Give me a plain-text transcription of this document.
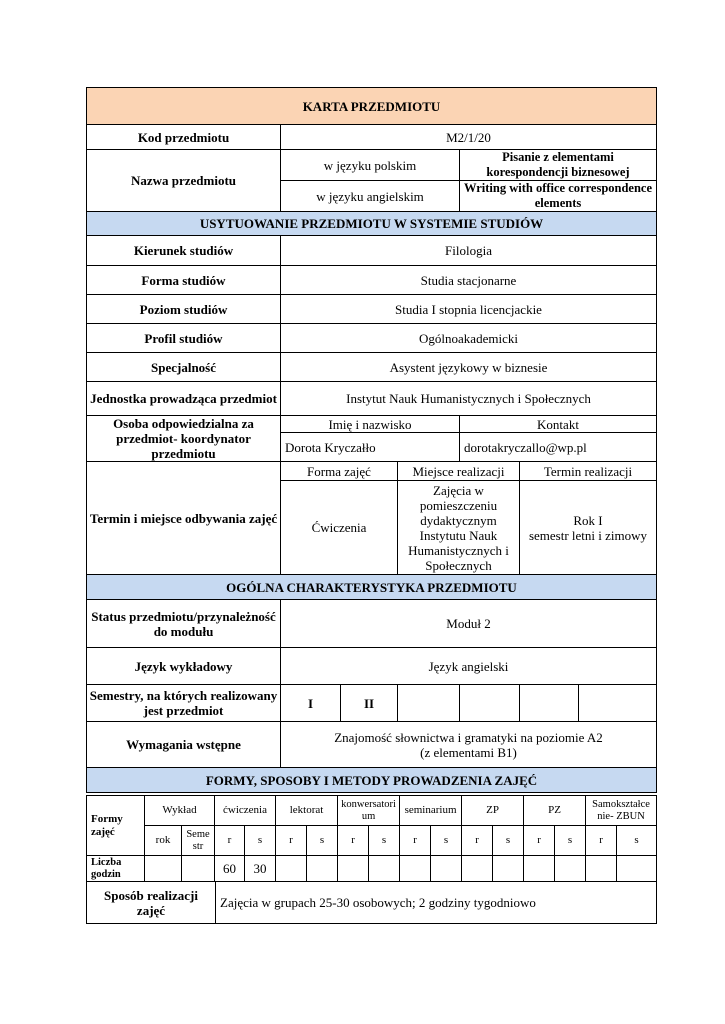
KARTA PRZEDMIOTU						
Kod przedmiotu	M2/1/20					
Nazwa przedmiotu	w języku polskim			Pisanie z elementami korespondencji biznesowej		
	w języku angielskim			Writing with office correspondence elements		
USYTUOWANIE PRZEDMIOTU W SYSTEMIE STUDIÓW						
Kierunek studiów	Filologia					
Forma studiów	Studia stacjonarne					
Poziom studiów	Studia I stopnia licencjackie					
Profil studiów	Ogólnoakademicki					
Specjalność	Asystent językowy w biznesie					
Jednostka prowadząca przedmiot	Instytut Nauk Humanistycznych i Społecznych					
Osoba odpowiedzialna za przedmiot- koordynator przedmiotu	Imię i nazwisko			Kontakt		
	Dorota Kryczałło			dorotakryczallo@wp.pl		
Termin i miejsce odbywania zajęć	Forma zajęć		Miejsce realizacji		Termin realizacji	
	Ćwiczenia		Zajęcia w pomieszczeniu dydaktycznym Instytutu Nauk Humanistycznych i Społecznych		Rok I
semestr letni i zimowy	

OGÓLNA CHARAKTERYSTYKA PRZEDMIOTU						
Status przedmiotu/przynależność do modułu	Moduł 2					
Język wykładowy	Język angielski					
Semestry, na których realizowany jest przedmiot	I	II				
Wymagania wstępne	Znajomość słownictwa i gramatyki na poziomie A2
(z elementami B1)					

FORMY, SPOSOBY I METODY PROWADZENIA ZAJĘĆ						
Formy zajęć	Wykład		ćwiczenia		lektorat		konwersatori um		seminarium		ZP		PZ		Samokształce nie- ZBUN	
	rok	Seme str	r	s	r	s	r	s	r	s	r	s	r	s	r	s
Liczba godzin			60	30												
Sposób realizacji zajęć	Zajęcia w grupach 25-30 osobowych; 2 godziny tygodniowo
